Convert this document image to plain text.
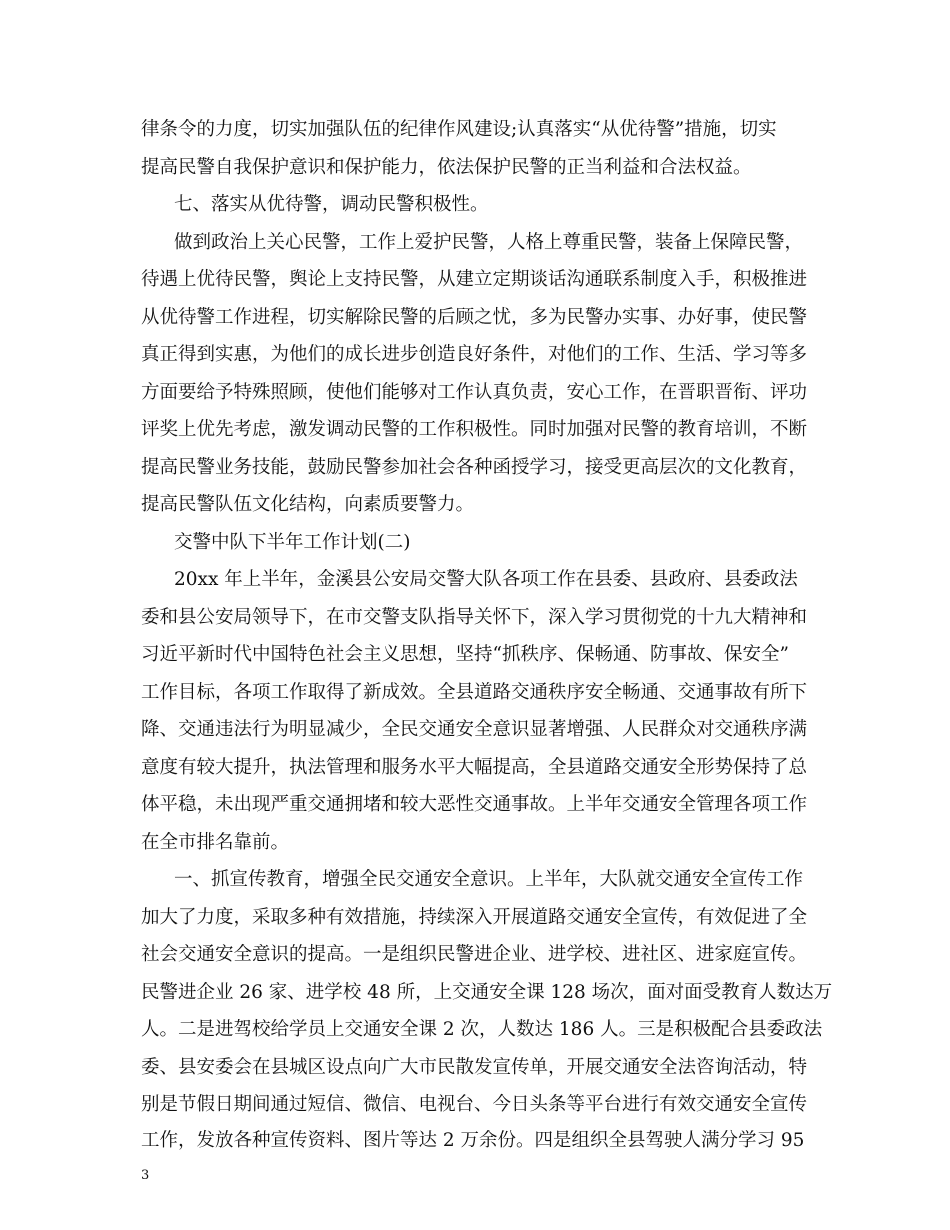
律条令的力度，切实加强队伍的纪律作风建设;认真落实“从优待警”措施，切实
提高民警自我保护意识和保护能力，依法保护民警的正当利益和合法权益。
七、落实从优待警，调动民警积极性。
做到政治上关心民警，工作上爱护民警，人格上尊重民警，装备上保障民警，
待遇上优待民警，舆论上支持民警，从建立定期谈话沟通联系制度入手，积极推进
从优待警工作进程，切实解除民警的后顾之忧，多为民警办实事、办好事，使民警
真正得到实惠，为他们的成长进步创造良好条件，对他们的工作、生活、学习等多
方面要给予特殊照顾，使他们能够对工作认真负责，安心工作，在晋职晋衔、评功
评奖上优先考虑，激发调动民警的工作积极性。同时加强对民警的教育培训，不断
提高民警业务技能，鼓励民警参加社会各种函授学习，接受更高层次的文化教育，
提高民警队伍文化结构，向素质要警力。
交警中队下半年工作计划(二)
20xx 年上半年，金溪县公安局交警大队各项工作在县委、县政府、县委政法
委和县公安局领导下，在市交警支队指导关怀下，深入学习贯彻党的十九大精神和
习近平新时代中国特色社会主义思想，坚持“抓秩序、保畅通、防事故、保安全”
工作目标，各项工作取得了新成效。全县道路交通秩序安全畅通、交通事故有所下
降、交通违法行为明显减少，全民交通安全意识显著增强、人民群众对交通秩序满
意度有较大提升，执法管理和服务水平大幅提高，全县道路交通安全形势保持了总
体平稳，未出现严重交通拥堵和较大恶性交通事故。上半年交通安全管理各项工作
在全市排名靠前。
一、抓宣传教育，增强全民交通安全意识。上半年，大队就交通安全宣传工作
加大了力度，采取多种有效措施，持续深入开展道路交通安全宣传，有效促进了全
社会交通安全意识的提高。一是组织民警进企业、进学校、进社区、进家庭宣传。
民警进企业 26 家、进学校 48 所，上交通安全课 128 场次，面对面受教育人数达万
人。二是进驾校给学员上交通安全课 2 次，人数达 186 人。三是积极配合县委政法
委、县安委会在县城区设点向广大市民散发宣传单，开展交通安全法咨询活动，特
别是节假日期间通过短信、微信、电视台、今日头条等平台进行有效交通安全宣传
工作，发放各种宣传资料、图片等达 2 万余份。四是组织全县驾驶人满分学习 95
3
